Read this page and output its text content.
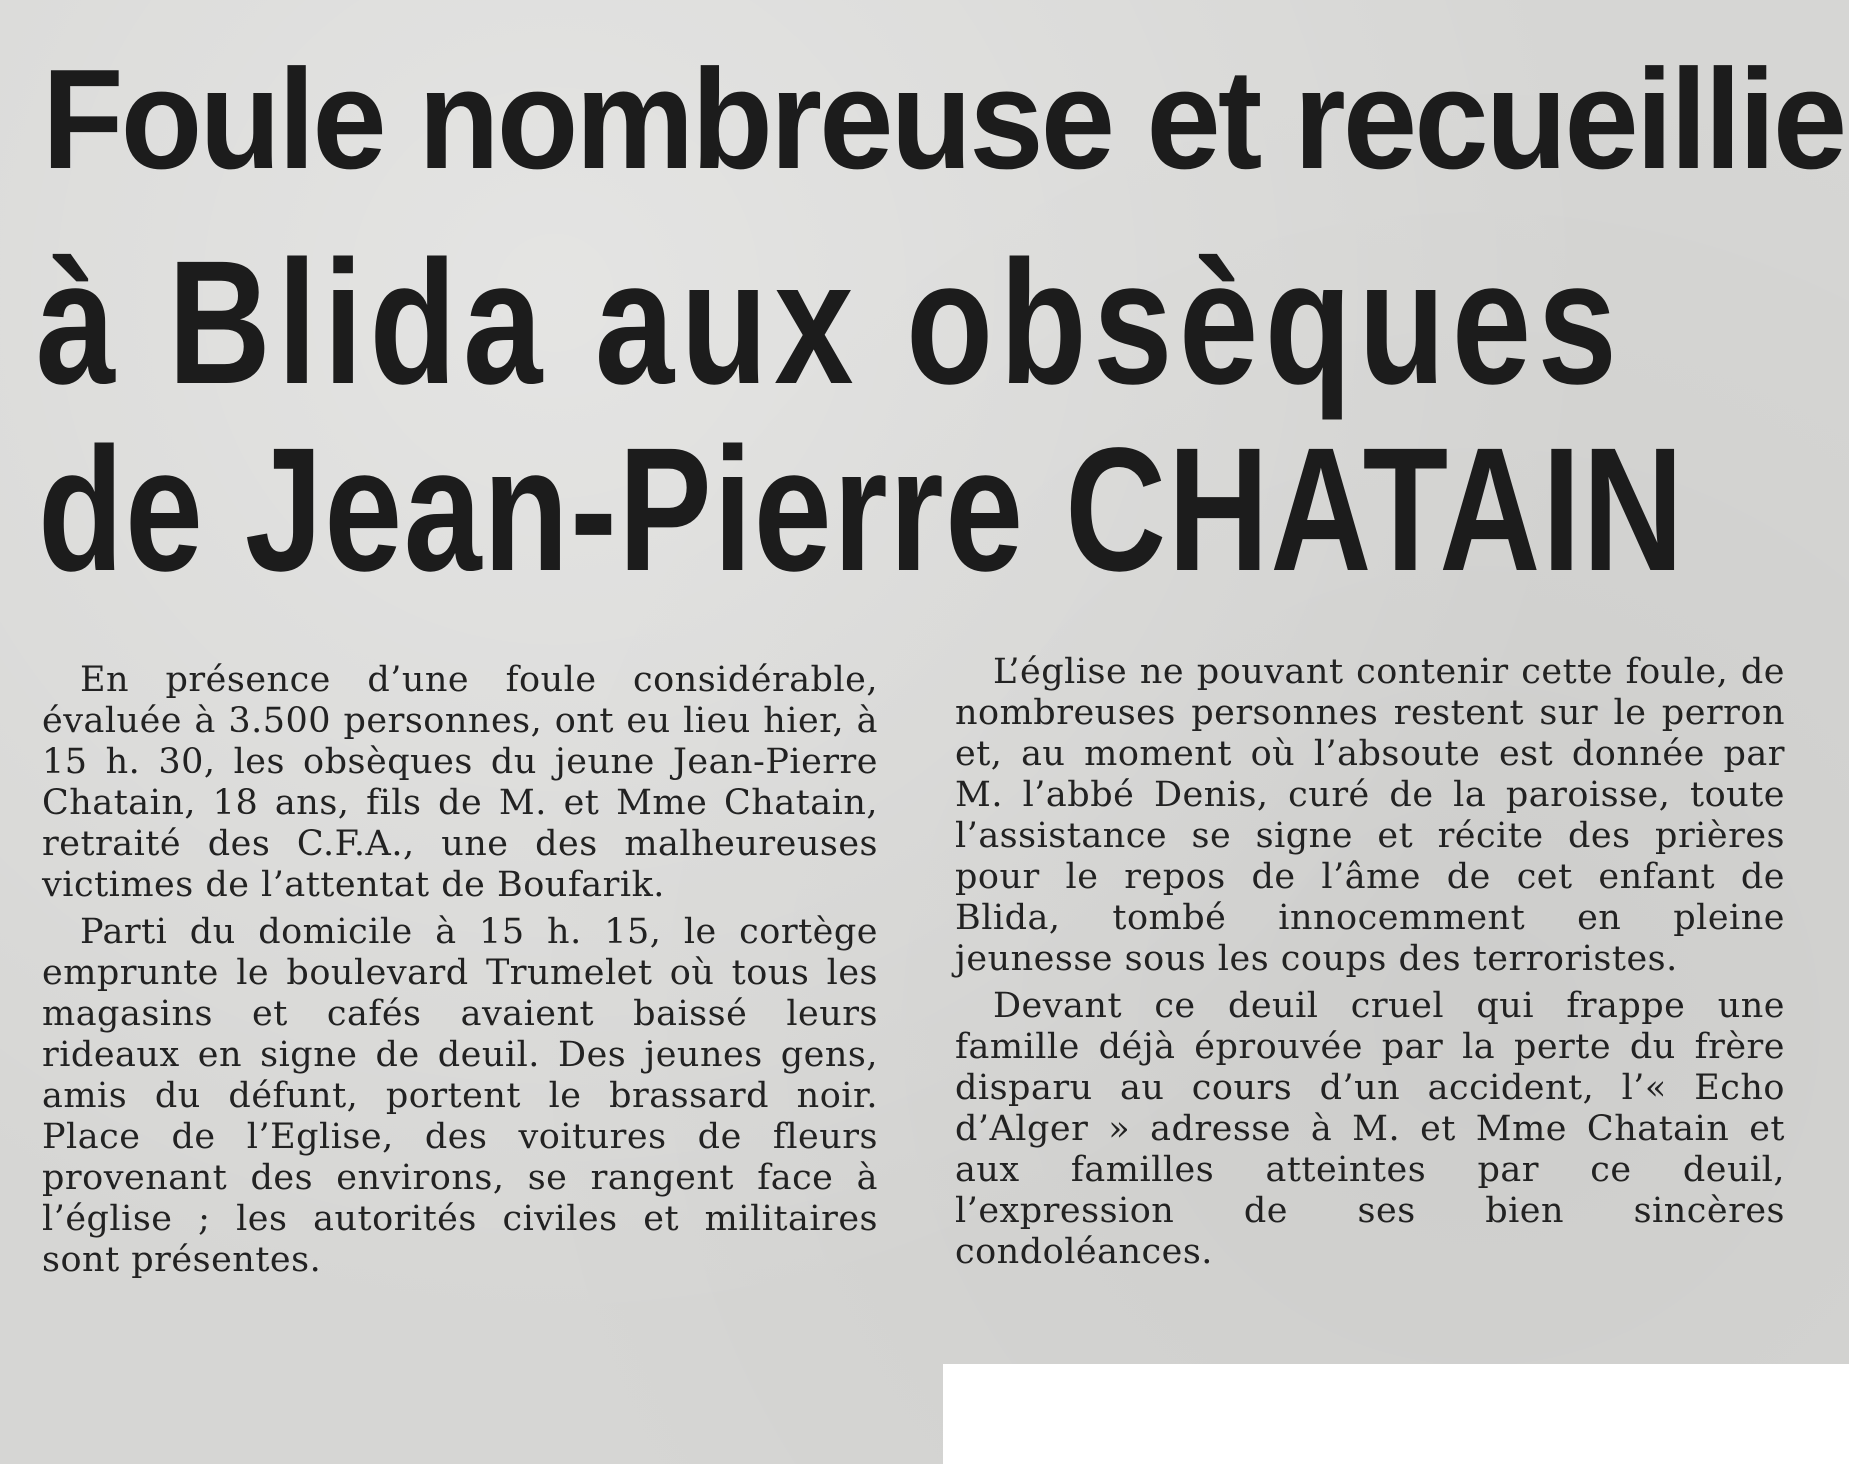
Foule nombreuse et recueillie
à Blida aux obsèques
de Jean-Pierre CHATAIN

En présence d’une foule considérable, évaluée à 3.500 personnes, ont eu lieu hier, à 15 h. 30, les obsèques du jeune Jean-Pierre Chatain, 18 ans, fils de M. et Mme Chatain, retraité des C.F.A., une des malheureuses victimes de l’attentat de Boufarik.

Parti du domicile à 15 h. 15, le cortège emprunte le boulevard Trumelet où tous les magasins et cafés avaient baissé leurs rideaux en signe de deuil. Des jeunes gens, amis du défunt, portent le brassard noir. Place de l’Eglise, des voitures de fleurs provenant des environs, se rangent face à l’église ; les autorités civiles et militaires sont présentes.

L’église ne pouvant contenir cette foule, de nombreuses personnes restent sur le perron et, au moment où l’absoute est donnée par M. l’abbé Denis, curé de la paroisse, toute l’assistance se signe et récite des prières pour le repos de l’âme de cet enfant de Blida, tombé innocemment en pleine jeunesse sous les coups des terroristes.

Devant ce deuil cruel qui frappe une famille déjà éprouvée par la perte du frère disparu au cours d’un accident, l’« Echo d’Alger » adresse à M. et Mme Chatain et aux familles atteintes par ce deuil, l’expression de ses bien sincères condoléances.
